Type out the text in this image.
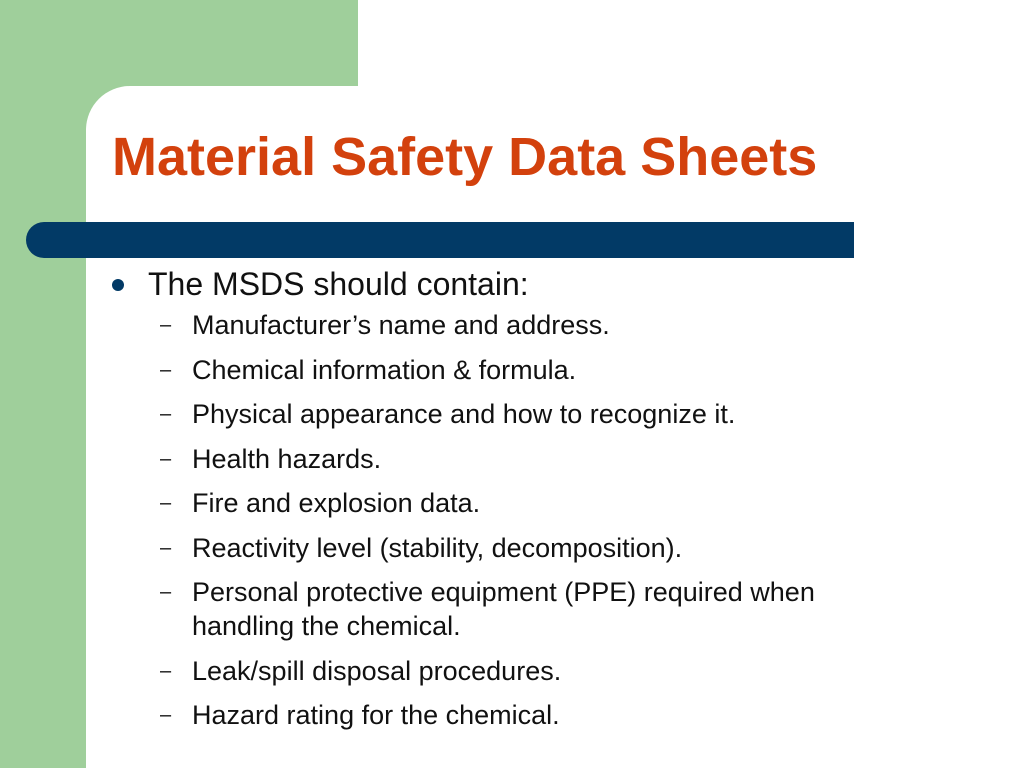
Material Safety Data Sheets

The MSDS should contain:

– Manufacturer’s name and address.
– Chemical information & formula.
– Physical appearance and how to recognize it.
– Health hazards.
– Fire and explosion data.
– Reactivity level (stability, decomposition).
– Personal protective equipment (PPE) required when handling the chemical.
– Leak/spill disposal procedures.
– Hazard rating for the chemical.
